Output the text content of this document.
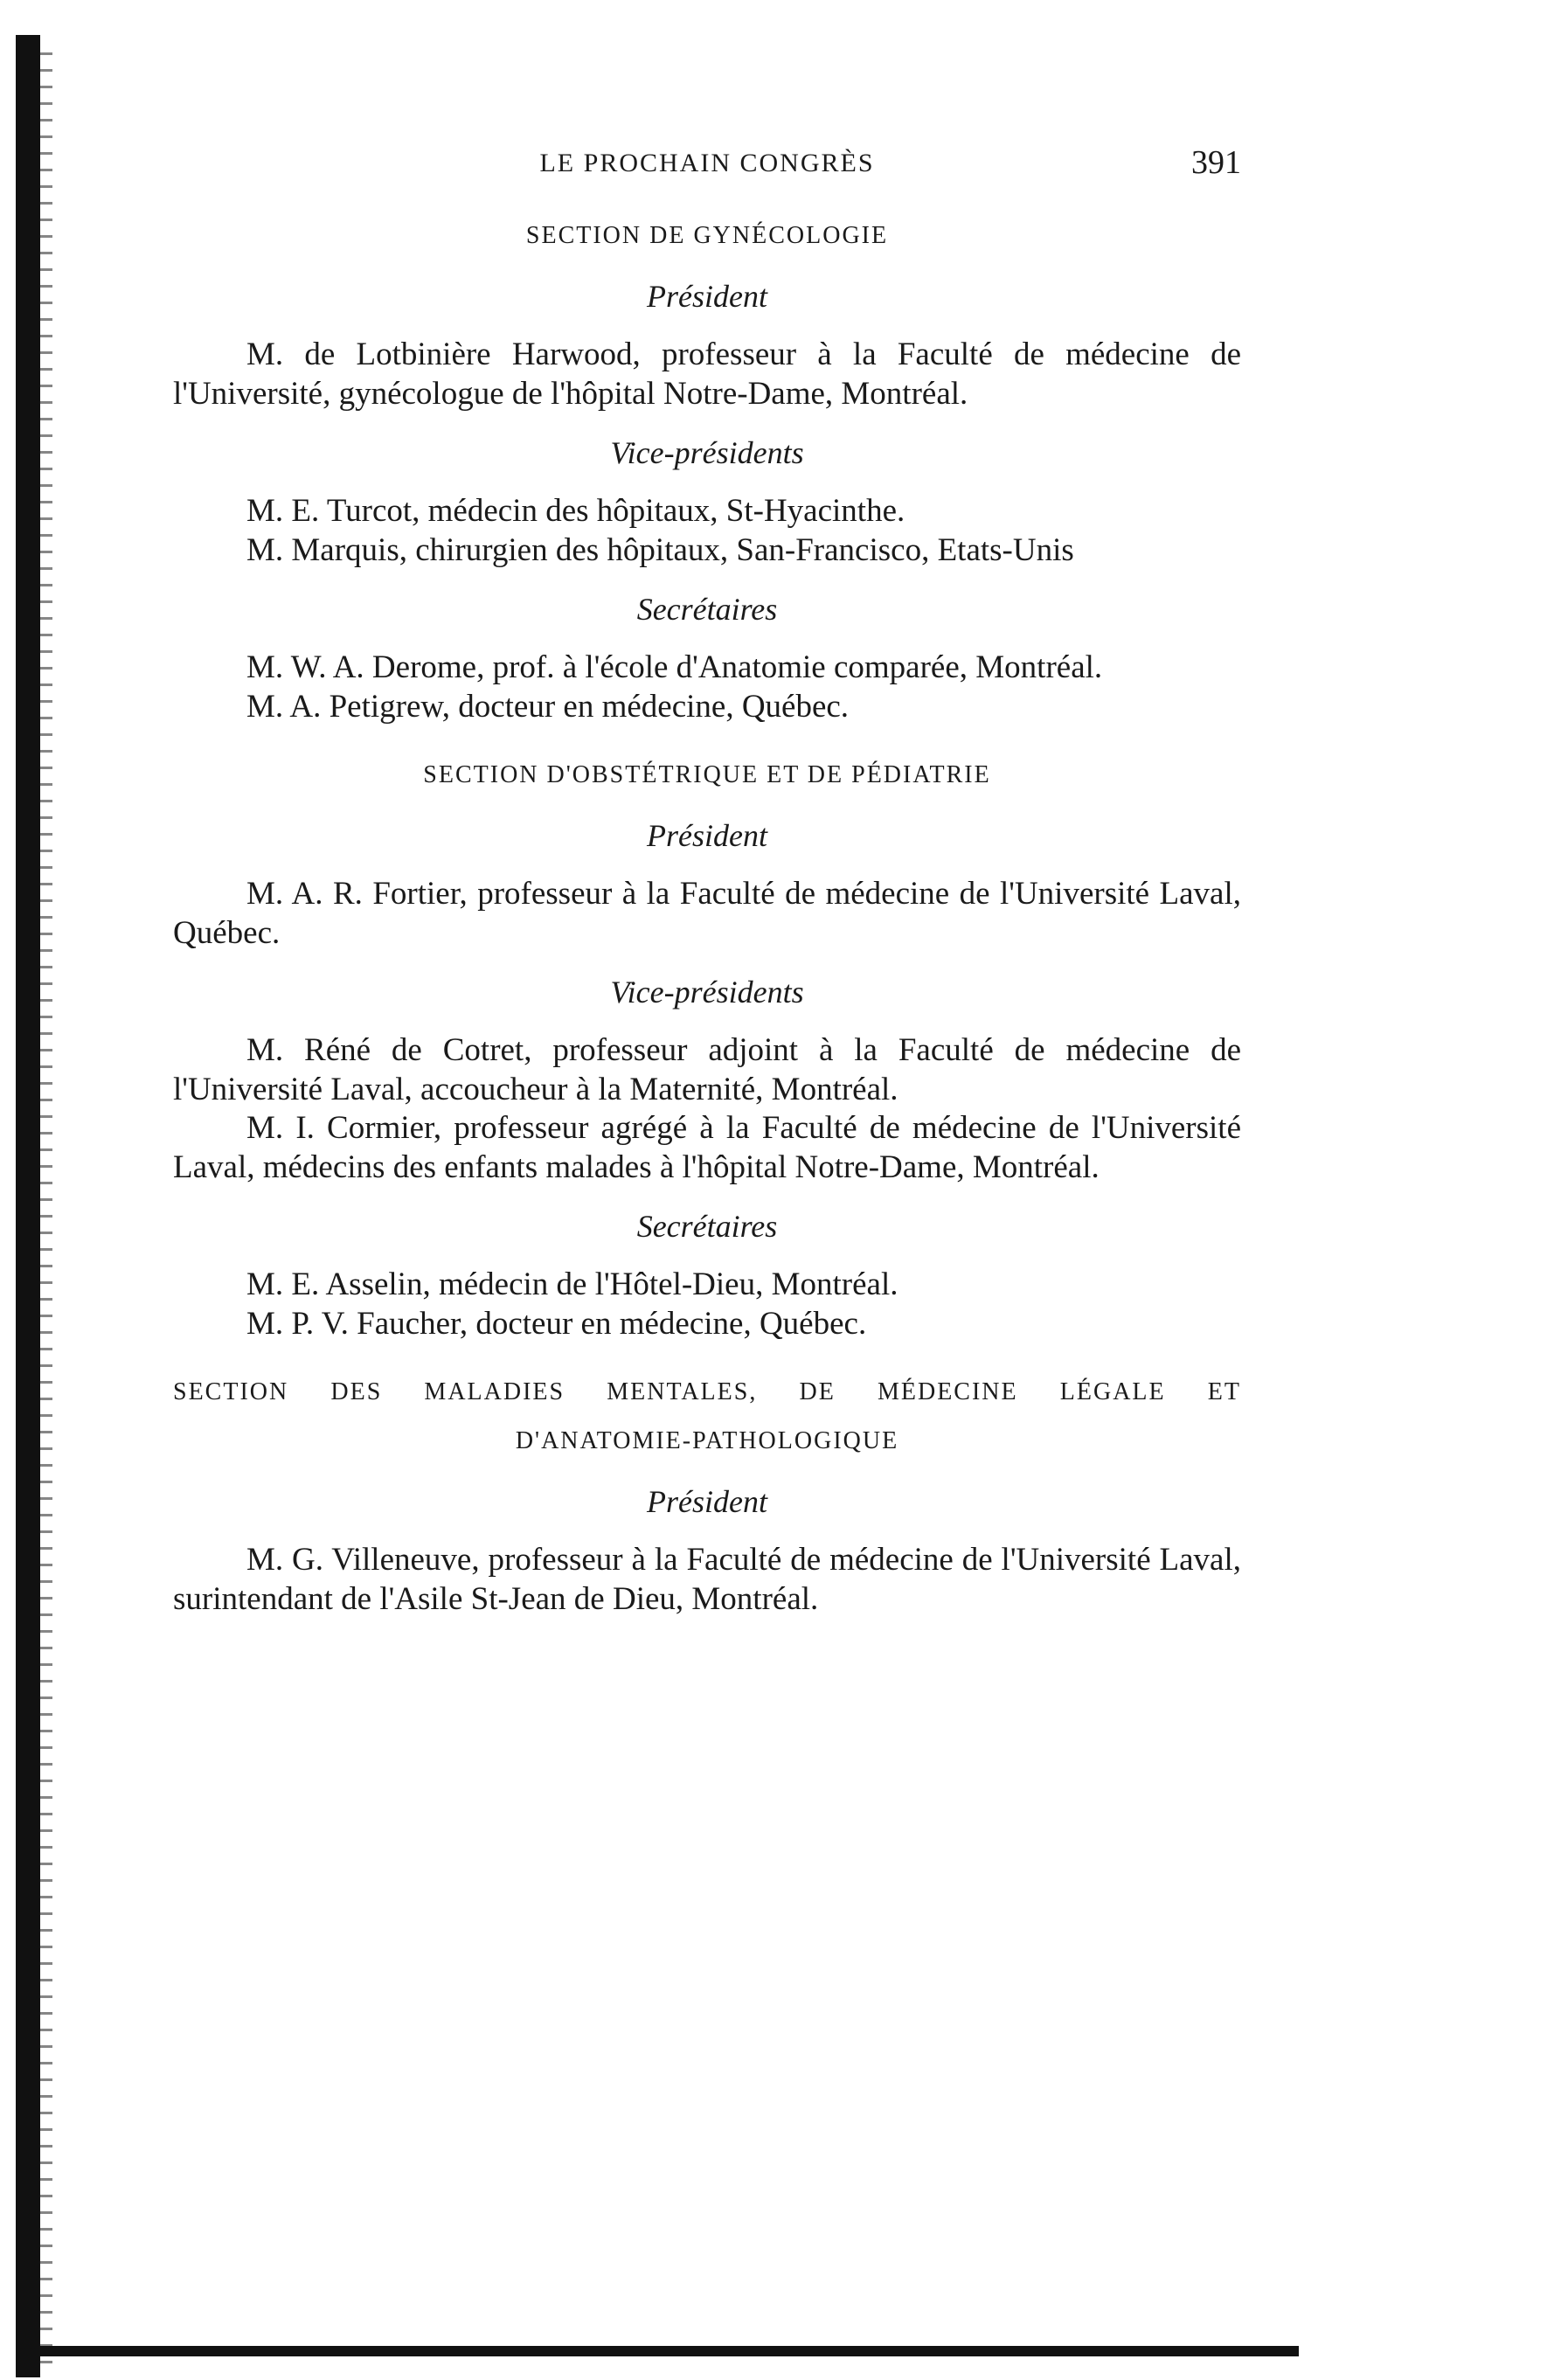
LE PROCHAIN CONGRÈS	391

SECTION DE GYNÉCOLOGIE

Président

M. de Lotbinière Harwood, professeur à la Faculté de médecine de l'Université, gynécologue de l'hôpital Notre-Dame, Montréal.

Vice-présidents

M. E. Turcot, médecin des hôpitaux, St-Hyacinthe.

M. Marquis, chirurgien des hôpitaux, San-Francisco, Etats-Unis

Secrétaires

M. W. A. Derome, prof. à l'école d'Anatomie comparée, Montréal.

M. A. Petigrew, docteur en médecine, Québec.

SECTION D'OBSTÉTRIQUE ET DE PÉDIATRIE

Président

M. A. R. Fortier, professeur à la Faculté de médecine de l'Université Laval, Québec.

Vice-présidents

M. Réné de Cotret, professeur adjoint à la Faculté de médecine de l'Université Laval, accoucheur à la Maternité, Montréal.

M. I. Cormier, professeur agrégé à la Faculté de médecine de l'Université Laval, médecins des enfants malades à l'hôpital Notre-Dame, Montréal.

Secrétaires

M. E. Asselin, médecin de l'Hôtel-Dieu, Montréal.

M. P. V. Faucher, docteur en médecine, Québec.

SECTION DES MALADIES MENTALES, DE MÉDECINE LÉGALE ET

D'ANATOMIE-PATHOLOGIQUE

Président

M. G. Villeneuve, professeur à la Faculté de médecine de l'Université Laval, surintendant de l'Asile St-Jean de Dieu, Montréal.
